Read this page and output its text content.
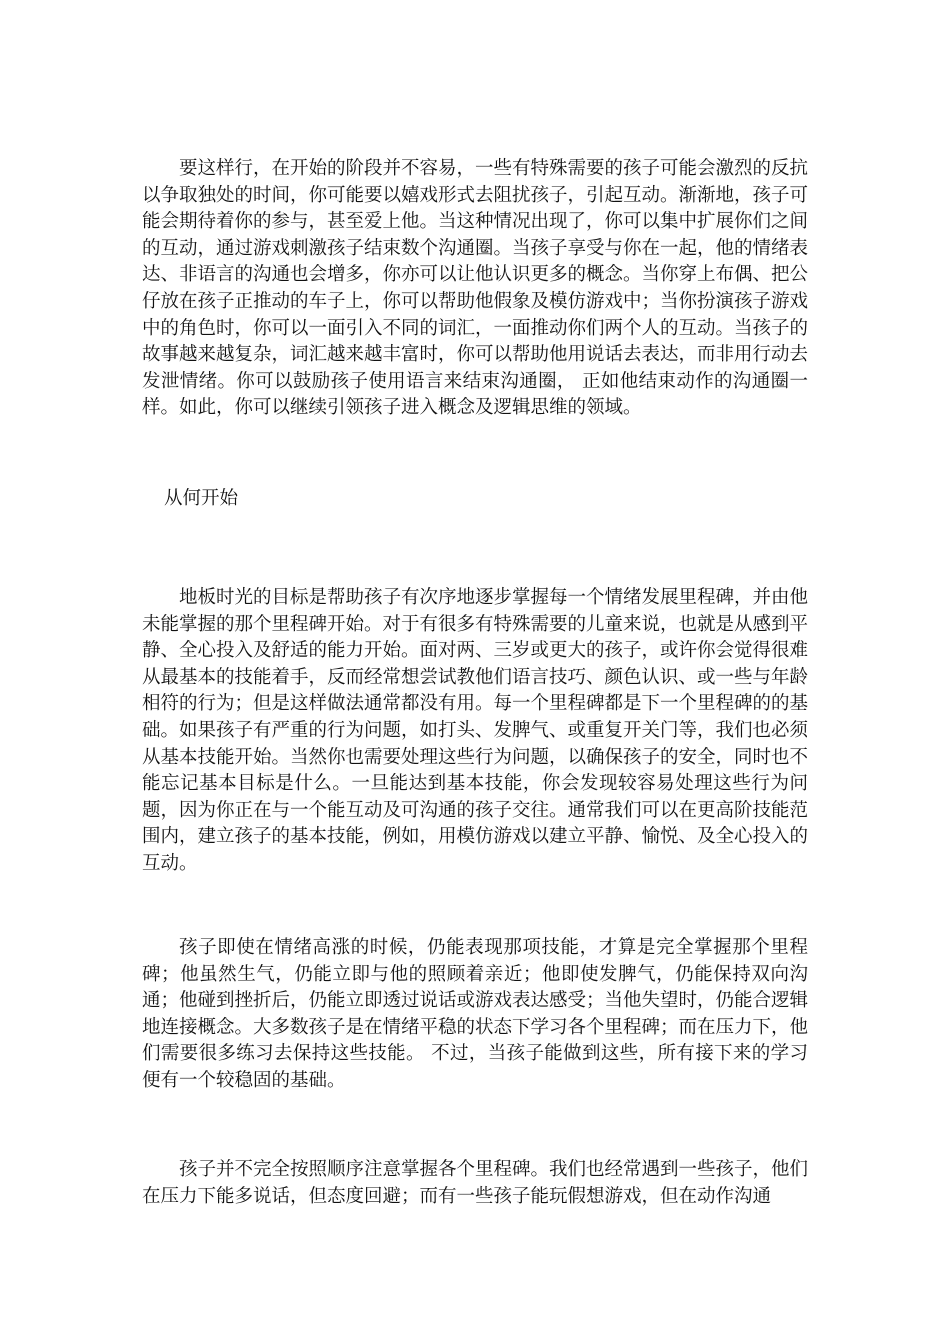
要这样行，在开始的阶段并不容易，一些有特殊需要的孩子可能会激烈的反抗以争取独处的时间，你可能要以嬉戏形式去阻扰孩子，引起互动。渐渐地，孩子可能会期待着你的参与，甚至爱上他。当这种情况出现了，你可以集中扩展你们之间的互动，通过游戏刺激孩子结束数个沟通圈。当孩子享受与你在一起，他的情绪表达、非语言的沟通也会增多，你亦可以让他认识更多的概念。当你穿上布偶、把公仔放在孩子正推动的车子上，你可以帮助他假象及模仿游戏中；当你扮演孩子游戏中的角色时，你可以一面引入不同的词汇，一面推动你们两个人的互动。当孩子的故事越来越复杂，词汇越来越丰富时，你可以帮助他用说话去表达，而非用行动去发泄情绪。你可以鼓励孩子使用语言来结束沟通圈， 正如他结束动作的沟通圈一样。如此，你可以继续引领孩子进入概念及逻辑思维的领域。

从何开始

地板时光的目标是帮助孩子有次序地逐步掌握每一个情绪发展里程碑，并由他未能掌握的那个里程碑开始。对于有很多有特殊需要的儿童来说，也就是从感到平静、全心投入及舒适的能力开始。面对两、三岁或更大的孩子，或许你会觉得很难从最基本的技能着手，反而经常想尝试教他们语言技巧、颜色认识、或一些与年龄相符的行为；但是这样做法通常都没有用。每一个里程碑都是下一个里程碑的的基础。如果孩子有严重的行为问题，如打头、发脾气、或重复开关门等，我们也必须从基本技能开始。当然你也需要处理这些行为问题，以确保孩子的安全，同时也不能忘记基本目标是什么。一旦能达到基本技能，你会发现较容易处理这些行为问题，因为你正在与一个能互动及可沟通的孩子交往。通常我们可以在更高阶技能范围内，建立孩子的基本技能，例如，用模仿游戏以建立平静、愉悦、及全心投入的互动。

孩子即使在情绪高涨的时候，仍能表现那项技能，才算是完全掌握那个里程碑；他虽然生气，仍能立即与他的照顾着亲近；他即使发脾气，仍能保持双向沟通；他碰到挫折后，仍能立即透过说话或游戏表达感受；当他失望时，仍能合逻辑地连接概念。大多数孩子是在情绪平稳的状态下学习各个里程碑；而在压力下，他们需要很多练习去保持这些技能。 不过，当孩子能做到这些，所有接下来的学习便有一个较稳固的基础。

孩子并不完全按照顺序注意掌握各个里程碑。我们也经常遇到一些孩子，他们在压力下能多说话，但态度回避；而有一些孩子能玩假想游戏，但在动作沟通
